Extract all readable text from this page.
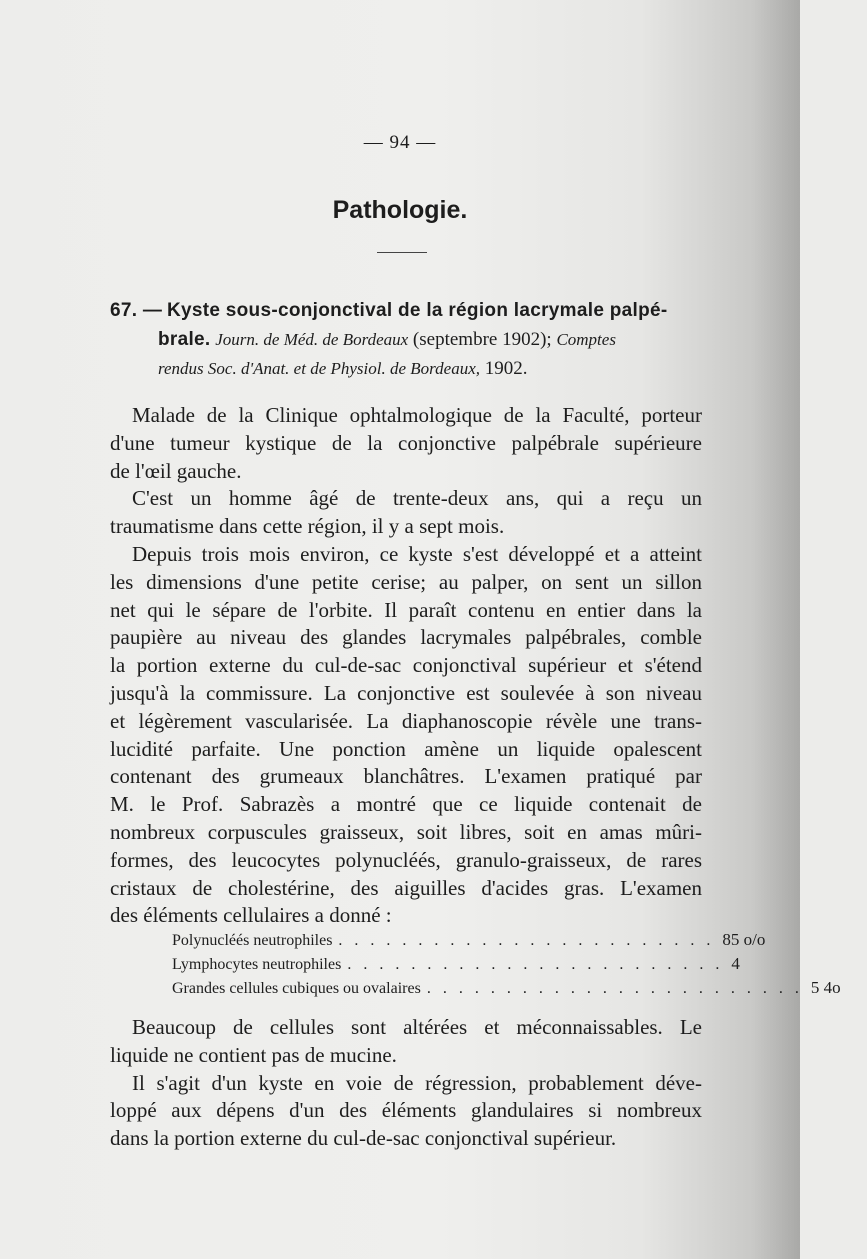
— 94 —
Pathologie.
67. — Kyste sous-conjonctival de la région lacrymale palpé-
brale. Journ. de Méd. de Bordeaux (septembre 1902); Comptes
rendus Soc. d'Anat. et de Physiol. de Bordeaux, 1902.

Malade de la Clinique ophtalmologique de la Faculté, porteur
d'une tumeur kystique de la conjonctive palpébrale supérieure
de l'œil gauche.

C'est un homme âgé de trente-deux ans, qui a reçu un
traumatisme dans cette région, il y a sept mois.

Depuis trois mois environ, ce kyste s'est développé et a atteint
les dimensions d'une petite cerise; au palper, on sent un sillon
net qui le sépare de l'orbite. Il paraît contenu en entier dans la
paupière au niveau des glandes lacrymales palpébrales, comble
la portion externe du cul-de-sac conjonctival supérieur et s'étend
jusqu'à la commissure. La conjonctive est soulevée à son niveau
et légèrement vascularisée. La diaphanoscopie révèle une trans-
lucidité parfaite. Une ponction amène un liquide opalescent
contenant des grumeaux blanchâtres. L'examen pratiqué par
M. le Prof. Sabrazès a montré que ce liquide contenait de
nombreux corpuscules graisseux, soit libres, soit en amas mûri-
formes, des leucocytes polynucléés, granulo-graisseux, de rares
cristaux de cholestérine, des aiguilles d'acides gras. L'examen
des éléments cellulaires a donné :

Polynucléés neutrophiles . . . . . . . . . . . . . . . . . . . . . . . . 85 o/o
Lymphocytes neutrophiles . . . . . . . . . . . . . . . . . . . . . . . . 4
Grandes cellules cubiques ou ovalaires . . . . . . . . . . . . . . . . . . . . . . . . 5 4o

Beaucoup de cellules sont altérées et méconnaissables. Le
liquide ne contient pas de mucine.

Il s'agit d'un kyste en voie de régression, probablement déve-
loppé aux dépens d'un des éléments glandulaires si nombreux
dans la portion externe du cul-de-sac conjonctival supérieur.
